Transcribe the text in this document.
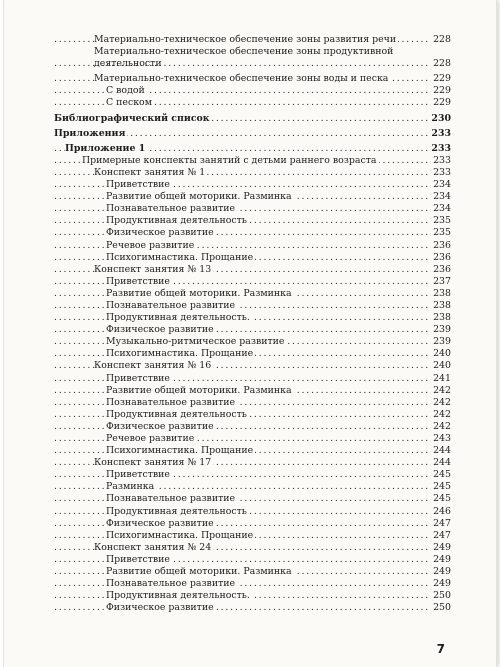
Материально-техническое обеспечение зоны развития речи	228
. . .
Материально-техническое обеспечение зоны продуктивной деятельности	228
. . .
Материально-техническое обеспечение зоны воды и песка	229
. . .
С водой	229
. . .
С песком	229
. . .
Библиографический список	230
. . .
Приложения	233
. . .
Приложение 1	233
. . .
Примерные конспекты занятий с детьми раннего возраста	233
. . .
Конспект занятия № 1	233
. . .
Приветствие	234
. . .
Развитие общей моторики. Разминка	234
. . .
Познавательное развитие	234
. . .
Продуктивная деятельность	235
. . .
Физическое развитие	235
. . .
Речевое развитие	236
. . .
Психогимнастика. Прощание	236
. . .
Конспект занятия № 13	236
. . .
Приветствие	237
. . .
Развитие общей моторики. Разминка	238
. . .
Познавательное развитие	238
. . .
Продуктивная деятельность.	238
. . .
Физическое развитие	239
. . .
Музыкально-ритмическое развитие	239
. . .
Психогимнастика. Прощание	240
. . .
Конспект занятия № 16	240
. . .
Приветствие	241
. . .
Развитие общей моторики. Разминка	242
. . .
Познавательное развитие	242
. . .
Продуктивная деятельность	242
. . .
Физическое развитие	242
. . .
Речевое развитие	243
. . .
Психогимнастика. Прощание	244
. . .
Конспект занятия № 17	244
. . .
Приветствие	245
. . .
Разминка	245
. . .
Познавательное развитие	245
. . .
Продуктивная деятельность	246
. . .
Физическое развитие	247
. . .
Психогимнастика. Прощание	247
. . .
Конспект занятия № 24	249
. . .
Приветствие	249
. . .
Развитие общей моторики. Разминка	249
. . .
Познавательное развитие	249
. . .
Продуктивная деятельность.	250
. . .
Физическое развитие	250
. . .
7
